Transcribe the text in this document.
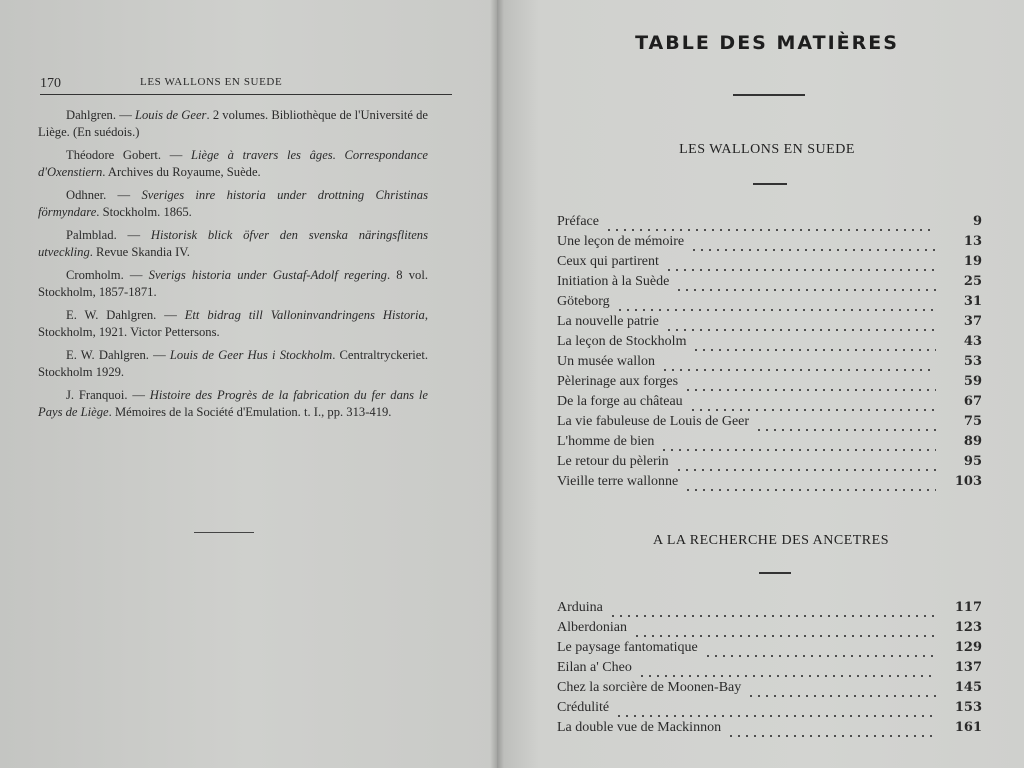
170	LES WALLONS EN SUEDE

Dahlgren. — Louis de Geer. 2 volumes. Bibliothèque de l'Université de Liège. (En suédois.)

Théodore Gobert. — Liège à travers les âges. Correspondance d'Oxenstiern. Archives du Royaume, Suède.

Odhner. — Sveriges inre historia under drottning Christinas förmyndare. Stockholm. 1865.

Palmblad. — Historisk blick öfver den svenska näringsflitens utveckling. Revue Skandia IV.

Cromholm. — Sverigs historia under Gustaf-Adolf regering. 8 vol. Stockholm, 1857-1871.

E. W. Dahlgren. — Ett bidrag till Valloninvandringens Historia, Stockholm, 1921. Victor Pettersons.

E. W. Dahlgren. — Louis de Geer Hus i Stockholm. Centraltryckeriet. Stockholm 1929.

J. Franquoi. — Histoire des Progrès de la fabrication du fer dans le Pays de Liège. Mémoires de la Société d'Emulation. t. I., pp. 313-419.

TABLE DES MATIÈRES
LES WALLONS EN SUEDE
Préface	9
Une leçon de mémoire	13
Ceux qui partirent	19
Initiation à la Suède	25
Göteborg	31
La nouvelle patrie	37
La leçon de Stockholm	43
Un musée wallon	53
Pèlerinage aux forges	59
De la forge au château	67
La vie fabuleuse de Louis de Geer	75
L'homme de bien	89
Le retour du pèlerin	95
Vieille terre wallonne	103
A LA RECHERCHE DES ANCETRES
Arduina	117
Alberdonian	123
Le paysage fantomatique	129
Eilan a' Cheo	137
Chez la sorcière de Moonen-Bay	145
Crédulité	153
La double vue de Mackinnon	161
